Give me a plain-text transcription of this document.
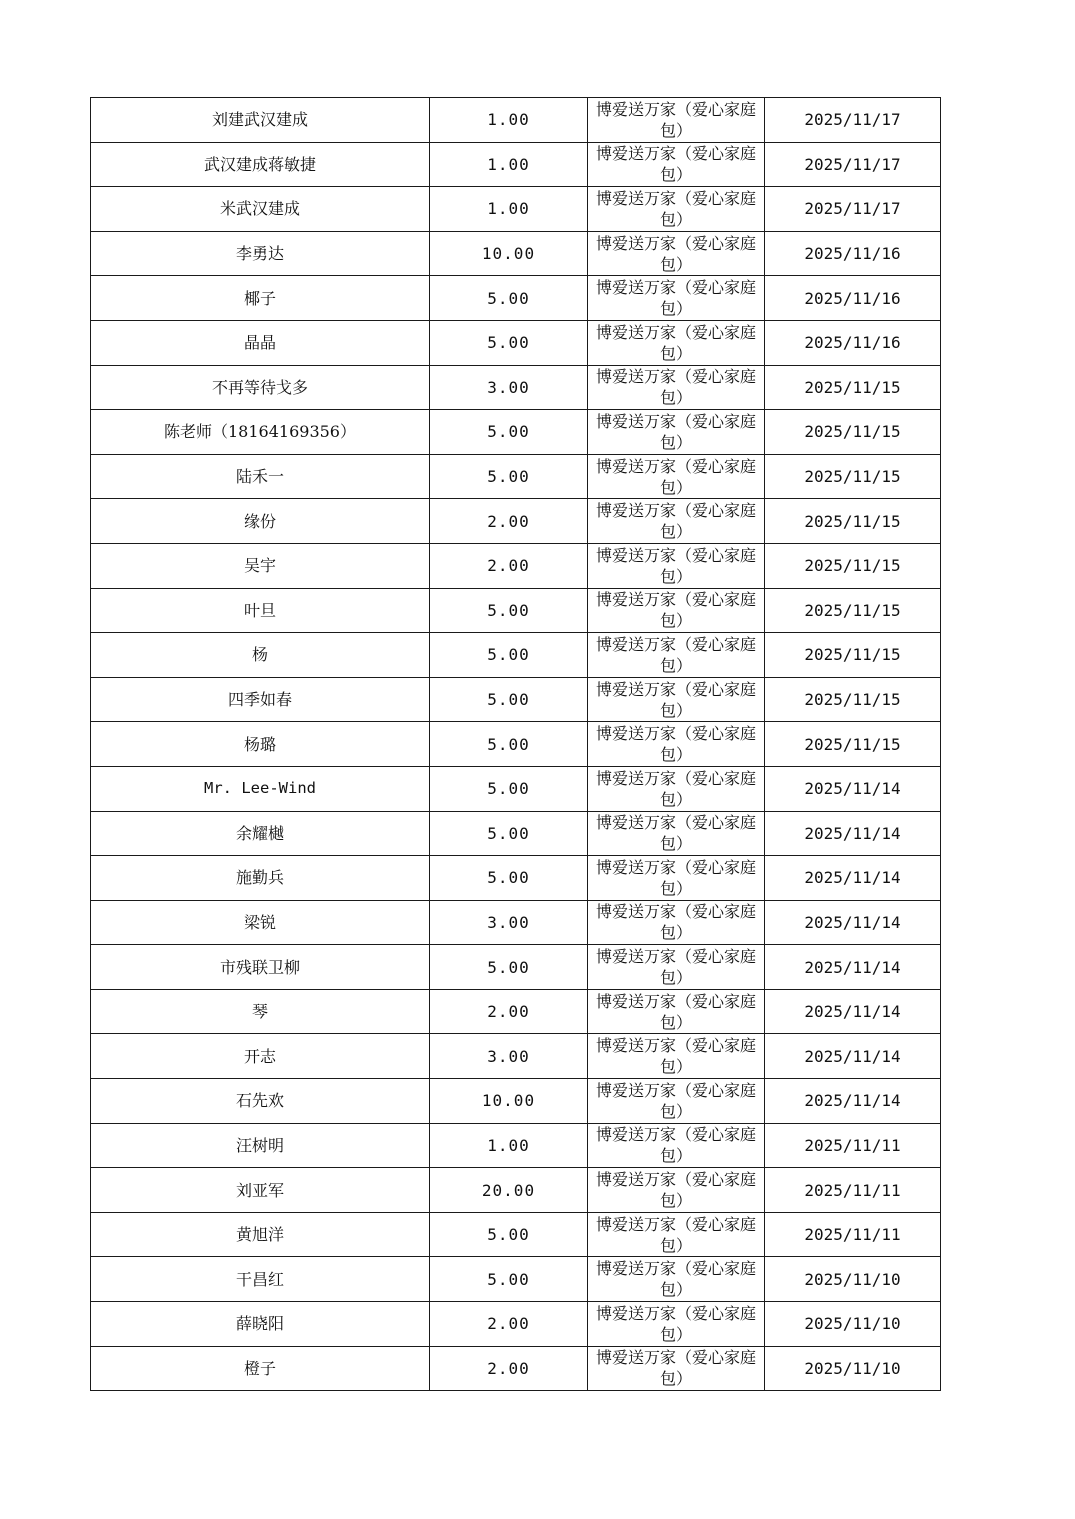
刘建武汉建成	1.00	博爱送万家（爱心家庭包）	2025/11/17
武汉建成蒋敏捷	1.00	博爱送万家（爱心家庭包）	2025/11/17
米武汉建成	1.00	博爱送万家（爱心家庭包）	2025/11/17
李勇达	10.00	博爱送万家（爱心家庭包）	2025/11/16
椰子	5.00	博爱送万家（爱心家庭包）	2025/11/16
晶晶	5.00	博爱送万家（爱心家庭包）	2025/11/16
不再等待戈多	3.00	博爱送万家（爱心家庭包）	2025/11/15
陈老师（18164169356）	5.00	博爱送万家（爱心家庭包）	2025/11/15
陆禾一	5.00	博爱送万家（爱心家庭包）	2025/11/15
缘份	2.00	博爱送万家（爱心家庭包）	2025/11/15
吴宇	2.00	博爱送万家（爱心家庭包）	2025/11/15
叶旦	5.00	博爱送万家（爱心家庭包）	2025/11/15
杨	5.00	博爱送万家（爱心家庭包）	2025/11/15
四季如春	5.00	博爱送万家（爱心家庭包）	2025/11/15
杨璐	5.00	博爱送万家（爱心家庭包）	2025/11/15
Mr. Lee-Wind	5.00	博爱送万家（爱心家庭包）	2025/11/14
余耀樾	5.00	博爱送万家（爱心家庭包）	2025/11/14
施勤兵	5.00	博爱送万家（爱心家庭包）	2025/11/14
梁锐	3.00	博爱送万家（爱心家庭包）	2025/11/14
市残联卫柳	5.00	博爱送万家（爱心家庭包）	2025/11/14
琴	2.00	博爱送万家（爱心家庭包）	2025/11/14
开志	3.00	博爱送万家（爱心家庭包）	2025/11/14
石先欢	10.00	博爱送万家（爱心家庭包）	2025/11/14
汪树明	1.00	博爱送万家（爱心家庭包）	2025/11/11
刘亚军	20.00	博爱送万家（爱心家庭包）	2025/11/11
黄旭洋	5.00	博爱送万家（爱心家庭包）	2025/11/11
干昌红	5.00	博爱送万家（爱心家庭包）	2025/11/10
薛晓阳	2.00	博爱送万家（爱心家庭包）	2025/11/10
橙子	2.00	博爱送万家（爱心家庭包）	2025/11/10
